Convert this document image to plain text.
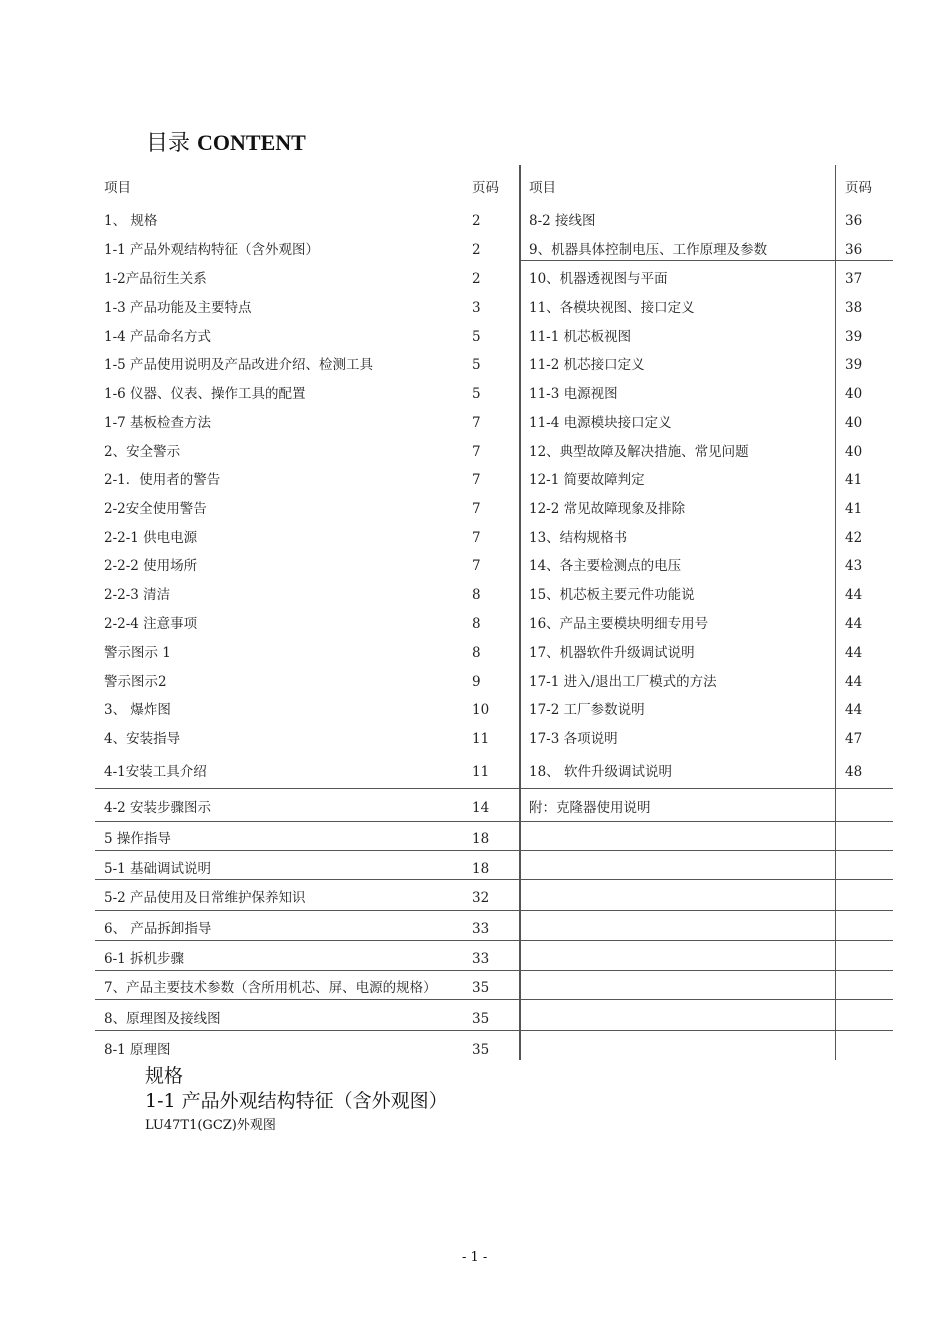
目录 CONTENT
项目	页码 项目	页码
1、 规格	2
1-1 产品外观结构特征（含外观图）	2
1-2产品衍生关系	2
1-3 产品功能及主要特点	3
1-4 产品命名方式	5
1-5 产品使用说明及产品改进介绍、检测工具	5
1-6 仪器、仪表、操作工具的配置	5
1-7 基板检查方法	7
2、安全警示	7
2-1．使用者的警告	7
2-2安全使用警告	7
2-2-1 供电电源	7
2-2-2 使用场所	7
2-2-3 清洁	8
2-2-4 注意事项	8
警示图示 1	8
警示图示2	9
3、 爆炸图	10
4、安装指导	11
4-1安装工具介绍	11
4-2 安装步骤图示	14
5 操作指导	18
5-1 基础调试说明	18
5-2 产品使用及日常维护保养知识	32
6、 产品拆卸指导	33
6-1 拆机步骤	33
7、产品主要技术参数（含所用机芯、屏、电源的规格）	35
8、原理图及接线图	35
8-1 原理图	35
8-2 接线图	36
9、机器具体控制电压、工作原理及参数	36
10、机器透视图与平面	37
11、各模块视图、接口定义	38
11-1 机芯板视图	39
11-2 机芯接口定义	39
11-3 电源视图	40
11-4 电源模块接口定义	40
12、典型故障及解决措施、常见问题	40
12-1 简要故障判定	41
12-2 常见故障现象及排除	41
13、结构规格书	42
14、各主要检测点的电压	43
15、机芯板主要元件功能说	44
16、产品主要模块明细专用号	44
17、机器软件升级调试说明	44
17-1 进入/退出工厂模式的方法	44
17-2 工厂参数说明	44
17-3 各项说明	47
18、 软件升级调试说明	48
附：克隆器使用说明
规格
1-1 产品外观结构特征（含外观图）
LU47T1(GCZ)外观图
- 1 -
